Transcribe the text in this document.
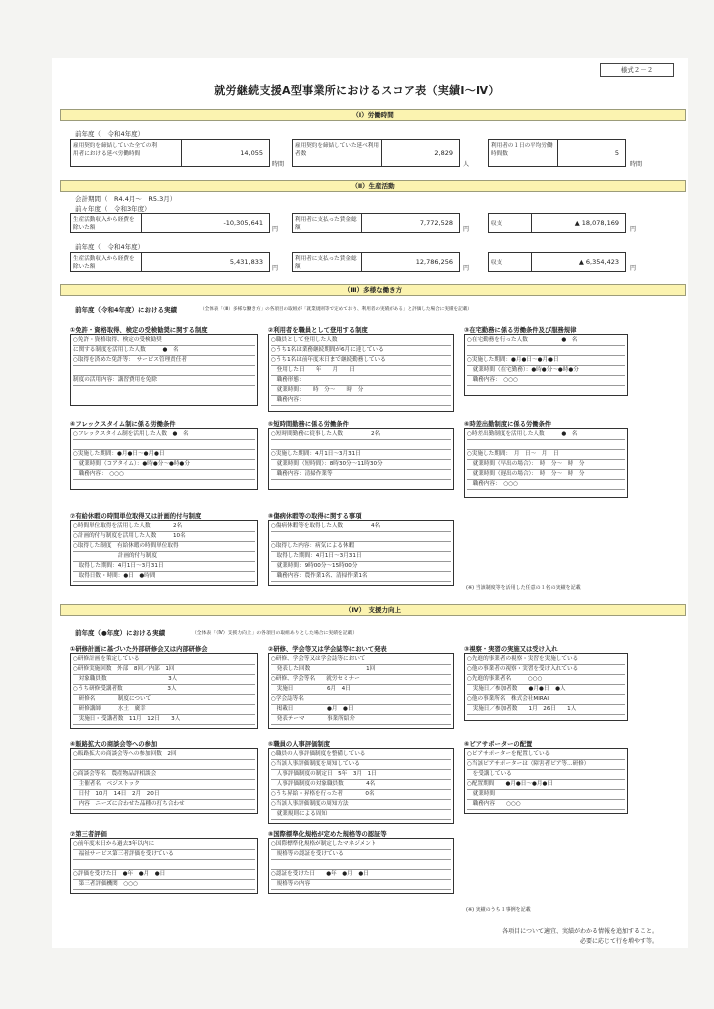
様式２－２
就労継続支援A型事業所におけるスコア表（実績Ⅰ～Ⅳ）
（Ⅰ）労働時間
前年度（　令和4年度）
雇用契約を締結していた全ての利用者における延べ労働時間	14,055
時間
雇用契約を締結していた延べ利用者数	2,829
人
利用者の１日の平均労働時間数	5
時間
（Ⅱ）生産活動
会計期間（　R4.4月～　R5.3月）
前々年度（　令和3年度）
生産活動収入から経費を除いた額
-10,305,641
円
利用者に支払った賃金総額
7,772,528
円
収支	▲ 18,078,169
円
前年度（　令和4年度）
生産活動収入から経費を除いた額
5,431,833
円
利用者に支払った賃金総額
12,786,256
円
収支	▲ 6,354,423
円
（Ⅲ）多様な働き方
前年度（令和4年度）における実績	（全体表「（Ⅲ）多様な働き方」の各項目の取組が「就業規則等で定めており、利用者の実績がある」と評価した場合に実績を記載）
①免許・資格取得、検定の受検勧奨に関する制度
○免許・資格取得、検定の受検勧奨
に関する制度を活用した人数　　　●　名
○取得を済めた免許等：　サービス管理責任者
制度の活用内容：講習費用を免除
②利用者を職員として登用する制度
○職員として登用した人数
○うち1名は業務継続期間が6月に達している
○うち1名は前年度末日まで継続勤務している
　登用した日　　年　　月　　日
　職務形態：
　就業時間：　　時　分～　　時　分
　職務内容：
③在宅勤務に係る労働条件及び服務規律
○在宅勤務を行った人数　　　　　　●　名
○実施した期間：●月●日～●月●日
　就業時間（在宅勤務）：●時●分～●時●分
　職務内容：　○○○
④フレックスタイム制に係る労働条件
○フレックスタイム制を活用した人数　●　名
○実施した期間：●月●日～●月●日
　就業時間（コアタイム）：●時●分～●時●分
　職務内容：　○○○
⑤短時間勤務に係る労働条件
○短時間勤務に従事した人数　　　　　2名
○実施した期間：4月1日～3月31日
　就業時間（短時間）：8時30分～11時30分
　職務内容：清掃作業等
⑥時差出勤制度に係る労働条件
○時差出勤制度を活用した人数　　　●　名
○実施した期間：　月　日～　月　日
　就業時間（早出の場合）：　時　分～　時　分
　就業時間（遅出の場合）：　時　分～　時　分
　職務内容：　○○○
⑦有給休暇の時間単位取得又は計画的付与制度
○時間単位取得を活用した人数　　　　2名
○計画的付与制度を活用した人数　　　10名
○取得した制度　有給休暇の時間単位取得
　　　　　　　　計画的付与制度
　取得した期間：4月1日～3月31日
　取得日数・時間：●日　●時間
⑧傷病休暇等の取得に関する事項
○傷病休暇等を取得した人数　　　　　4名
○取得した内容：病気による休暇
　取得した期間：4月1日～3月31日
　就業時間：9時00分～15時00分
　職務内容：農作業1名、清掃作業1名
(※) 当該制度等を活用した任意の１名の実績を記載
（Ⅳ）　支援力向上
前年度（●年度）における実績	（全体表「（Ⅳ）支援力向上」の各項目の取組ありとした場合に実績を記載）
①研修計画に基づいた外部研修会又は内部研修会
○研修計画を策定している
○研修実施回数　外部　8回／内部　1回
　対象職員数　　　　　　　　　　　3人
○うち研修受講者数　　　　　　　　3人
　研修名　　　　制度について
　研修講師　　　水土　廣幸
　実施日・受講者数　11月　12日　　3人
②研修、学会等又は学会誌等において発表
○研修、学会等又は学会誌等において
　発表した回数　　　　　　　　　　1回
○研修、学会等名　　就労セミナー
　実施日　　　　　　6月　4日
○学会誌等名
　掲載日　　　　　　●月　●日
　発表テーマ　　　　事業所紹介
③視察・実習の実施又は受け入れ
○先進的事業者の視察・実習を実施している
○他の事業者の視察・実習を受け入れている
○先進的事業者名　　　○○○
　実施日／参加者数　　●月●日　●人
○他の事業所名　株式会社MIRAI
　実施日／参加者数　　1月　26日　　1人
④販路拡大の商談会等への参加
○販路拡大の商談会等への参加回数　2回
○商談会等名　農産物品評相談会
　主催者名　ベジストック
　日付　10月　14日　2月　20日
　内容　ニーズに合わせた品種の打ち合わせ
⑤職員の人事評価制度
○職員の人事評価制度を整備している
○当該人事評価制度を周知している
　人事評価制度の制定日　5年　3月　1日
　人事評価制度の対象職員数　　　　4名
○うち昇給・昇格を行った者　　　　0名
○当該人事評価制度の周知方法
　就業規則による周知
⑥ピアサポーターの配置
○ピアサポーターを配置している
○当該ピアサポーターは（障害者ピア等…研修）
　を受講している
○配置期間　　●月●日～●月●日
　就業時間
　職務内容　　○○○
⑦第三者評価
○前年度末日から過去3年以内に
　福祉サービス第三者評価を受けている
○評価を受けた日　●年　●月　●日
　第三者評価機関　○○○
⑧国際標準化規格が定めた規格等の認証等
○国際標準化規格が制定したマネジメント
　規格等の認証を受けている
○認証を受けた日　　●年　●月　●日
　規格等の内容
(※) 実績のうち１事例を記載
各項目について適宜、実績がわかる情報を追加すること。
必要に応じて行を増やす等。
